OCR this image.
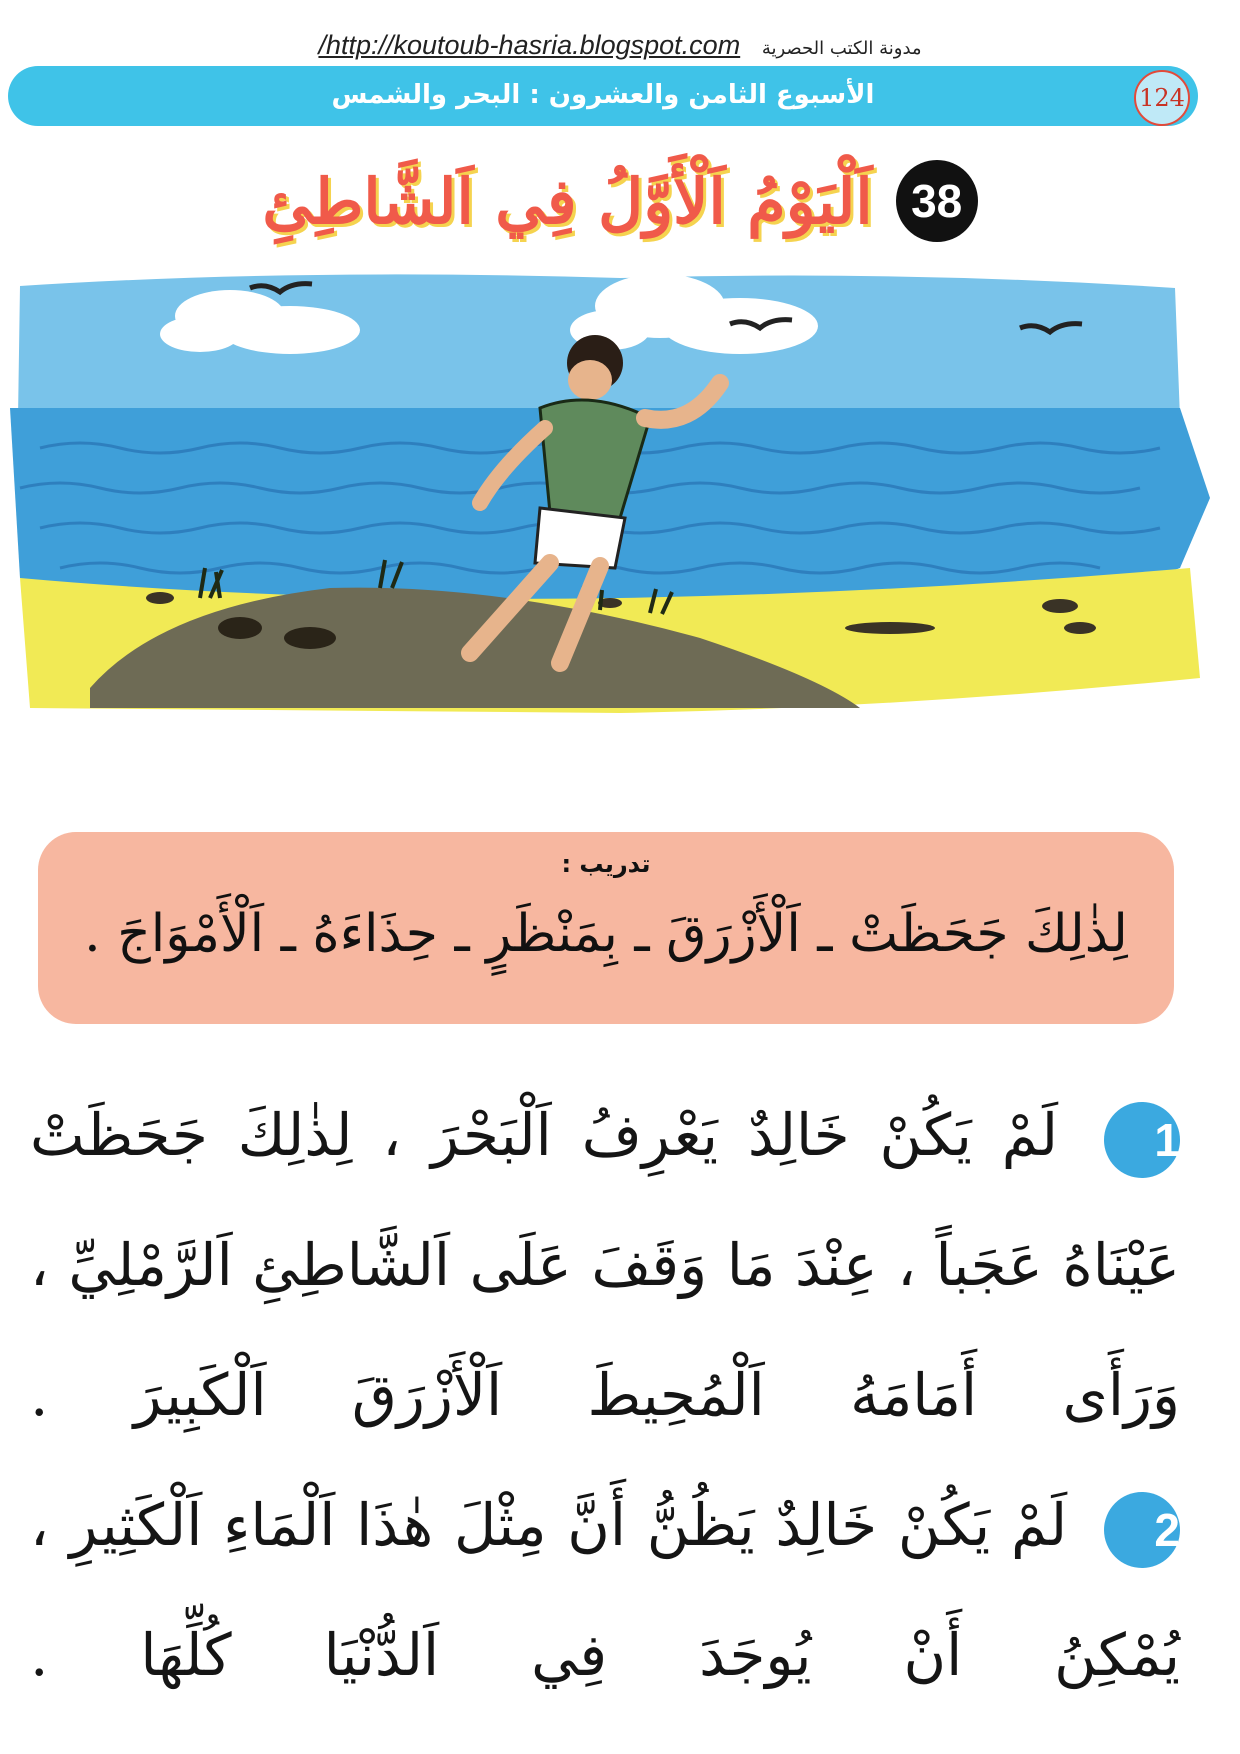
/http://koutoub-hasria.blogspot.com مدونة الكتب الحصرية
124
الأسبوع الثامن والعشرون : البحر والشمس
38 اَلْيَوْمُ اَلْأَوَّلُ فِي اَلشَّاطِئِ
تدريب :
لِذٰلِكَ جَحَظَتْ ـ اَلْأَزْرَقَ ـ بِمَنْظَرٍ ـ حِذَاءَهُ ـ اَلْأَمْوَاجَ .
1 لَمْ يَكُنْ خَالِدٌ يَعْرِفُ اَلْبَحْرَ ، لِذٰلِكَ جَحَظَتْ عَيْنَاهُ عَجَباً ، عِنْدَ مَا وَقَفَ عَلَى اَلشَّاطِئِ اَلرَّمْلِيِّ ، وَرَأَى أَمَامَهُ اَلْمُحِيطَ اَلْأَزْرَقَ اَلْكَبِيرَ .
2 لَمْ يَكُنْ خَالِدٌ يَظُنُّ أَنَّ مِثْلَ هٰذَا اَلْمَاءِ اَلْكَثِيرِ ، يُمْكِنُ أَنْ يُوجَدَ فِي اَلدُّنْيَا كُلِّهَا .
